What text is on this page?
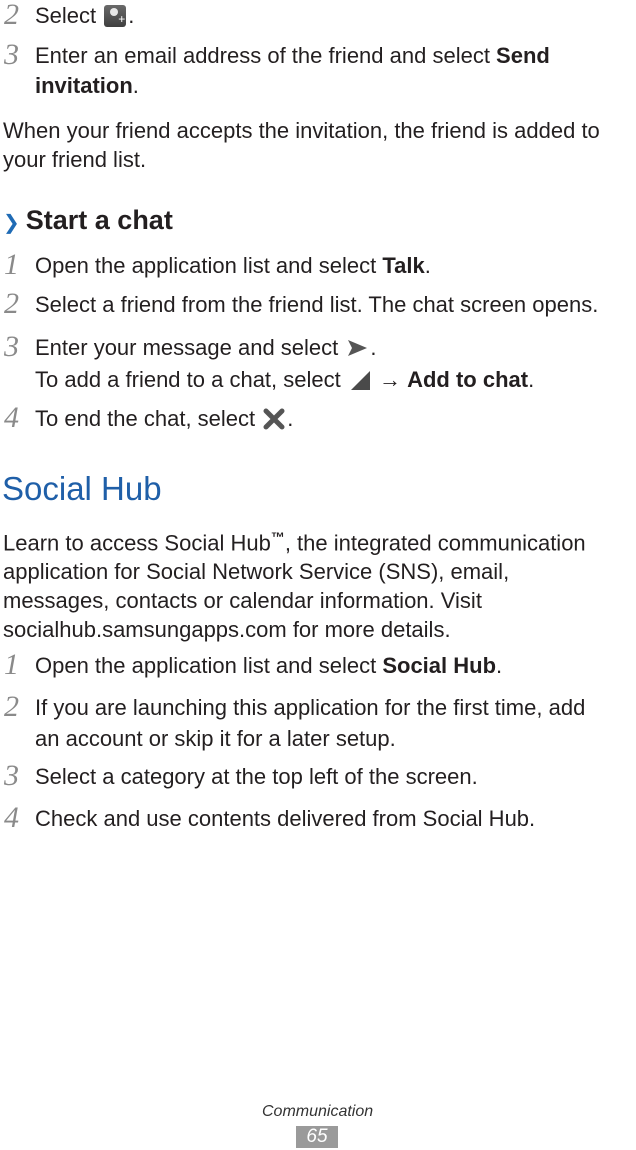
2 Select +.
3 Enter an email address of the friend and select Send
invitation.
When your friend accepts the invitation, the friend is added to
your friend list.
❯ Start a chat
1 Open the application list and select Talk.
2 Select a friend from the friend list. The chat screen opens.
3 Enter your message and select
.
To add a friend to a chat, select
→ Add to chat.
4 To end the chat, select
.
Social Hub
Learn to access Social Hub™, the integrated communication
application for Social Network Service (SNS), email,
messages, contacts or calendar information. Visit
socialhub.samsungapps.com for more details.
1 Open the application list and select Social Hub.
2 If you are launching this application for the first time, add
an account or skip it for a later setup.
3 Select a category at the top left of the screen.
4 Check and use contents delivered from Social Hub.
Communication
65
